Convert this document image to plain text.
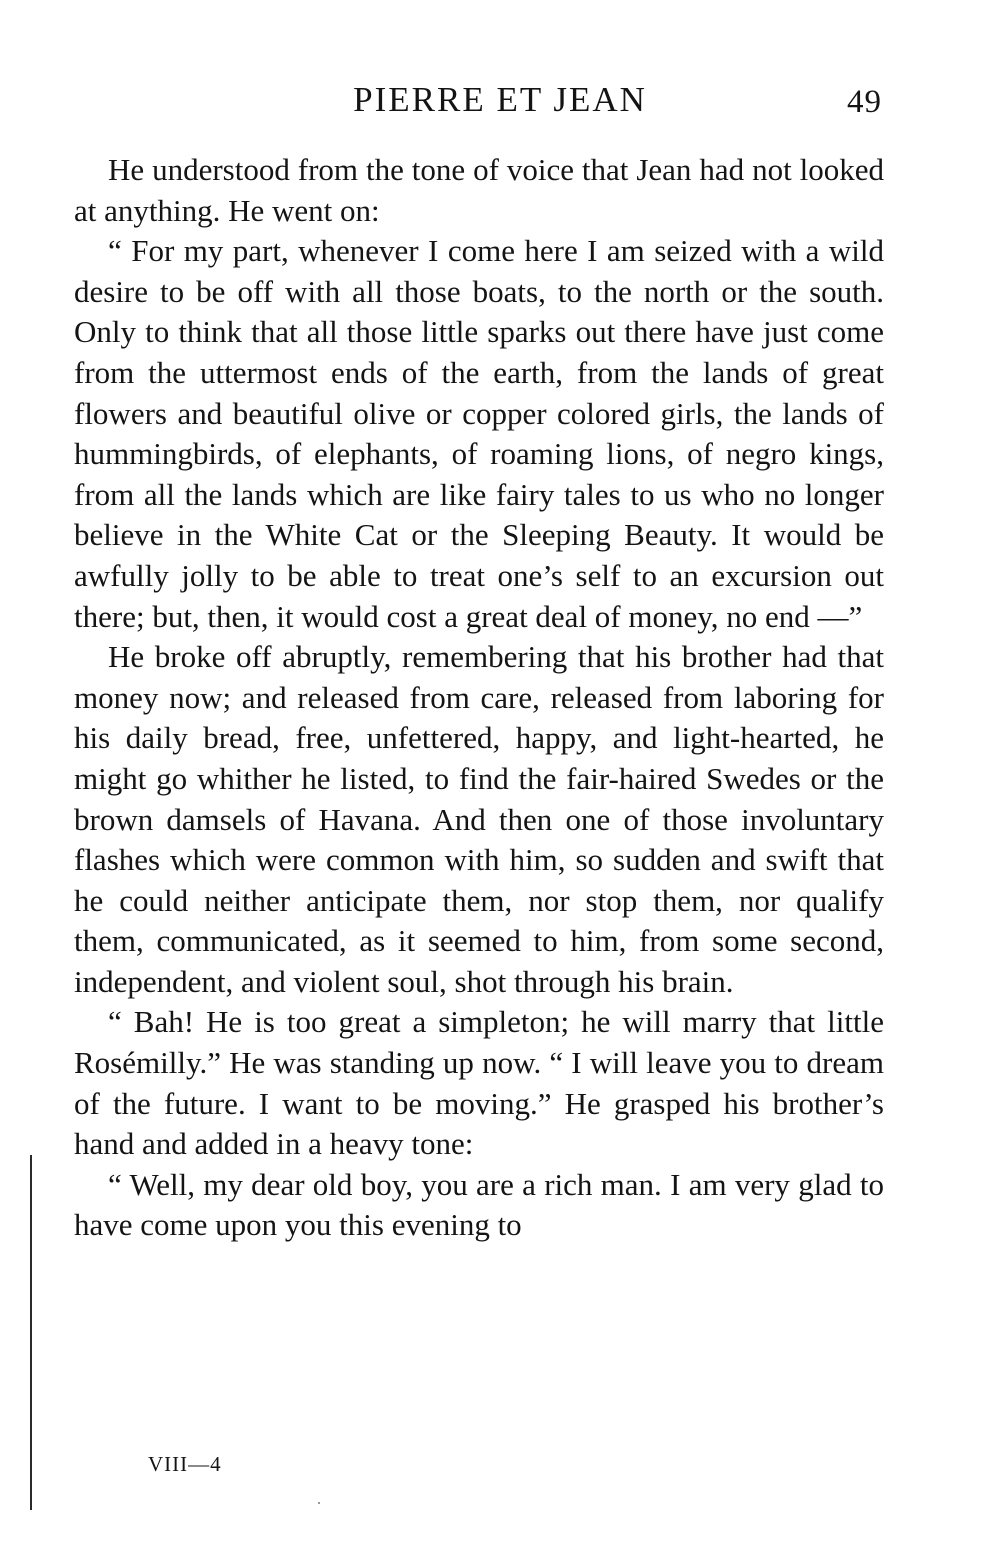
PIERRE ET JEAN	49

He understood from the tone of voice that Jean had not looked at anything. He went on:

“ For my part, whenever I come here I am seized with a wild desire to be off with all those boats, to the north or the south. Only to think that all those little sparks out there have just come from the uttermost ends of the earth, from the lands of great flowers and beautiful olive or copper colored girls, the lands of hummingbirds, of elephants, of roaming lions, of negro kings, from all the lands which are like fairy tales to us who no longer believe in the White Cat or the Sleeping Beauty. It would be awfully jolly to be able to treat one’s self to an excursion out there; but, then, it would cost a great deal of money, no end —”

He broke off abruptly, remembering that his brother had that money now; and released from care, released from laboring for his daily bread, free, unfettered, happy, and light-hearted, he might go whither he listed, to find the fair-haired Swedes or the brown damsels of Havana. And then one of those involuntary flashes which were common with him, so sudden and swift that he could neither anticipate them, nor stop them, nor qualify them, communicated, as it seemed to him, from some second, independent, and violent soul, shot through his brain.

“ Bah! He is too great a simpleton; he will marry that little Rosémilly.” He was standing up now. “ I will leave you to dream of the future. I want to be moving.” He grasped his brother’s hand and added in a heavy tone:

“ Well, my dear old boy, you are a rich man. I am very glad to have come upon you this evening to

VIII—4
